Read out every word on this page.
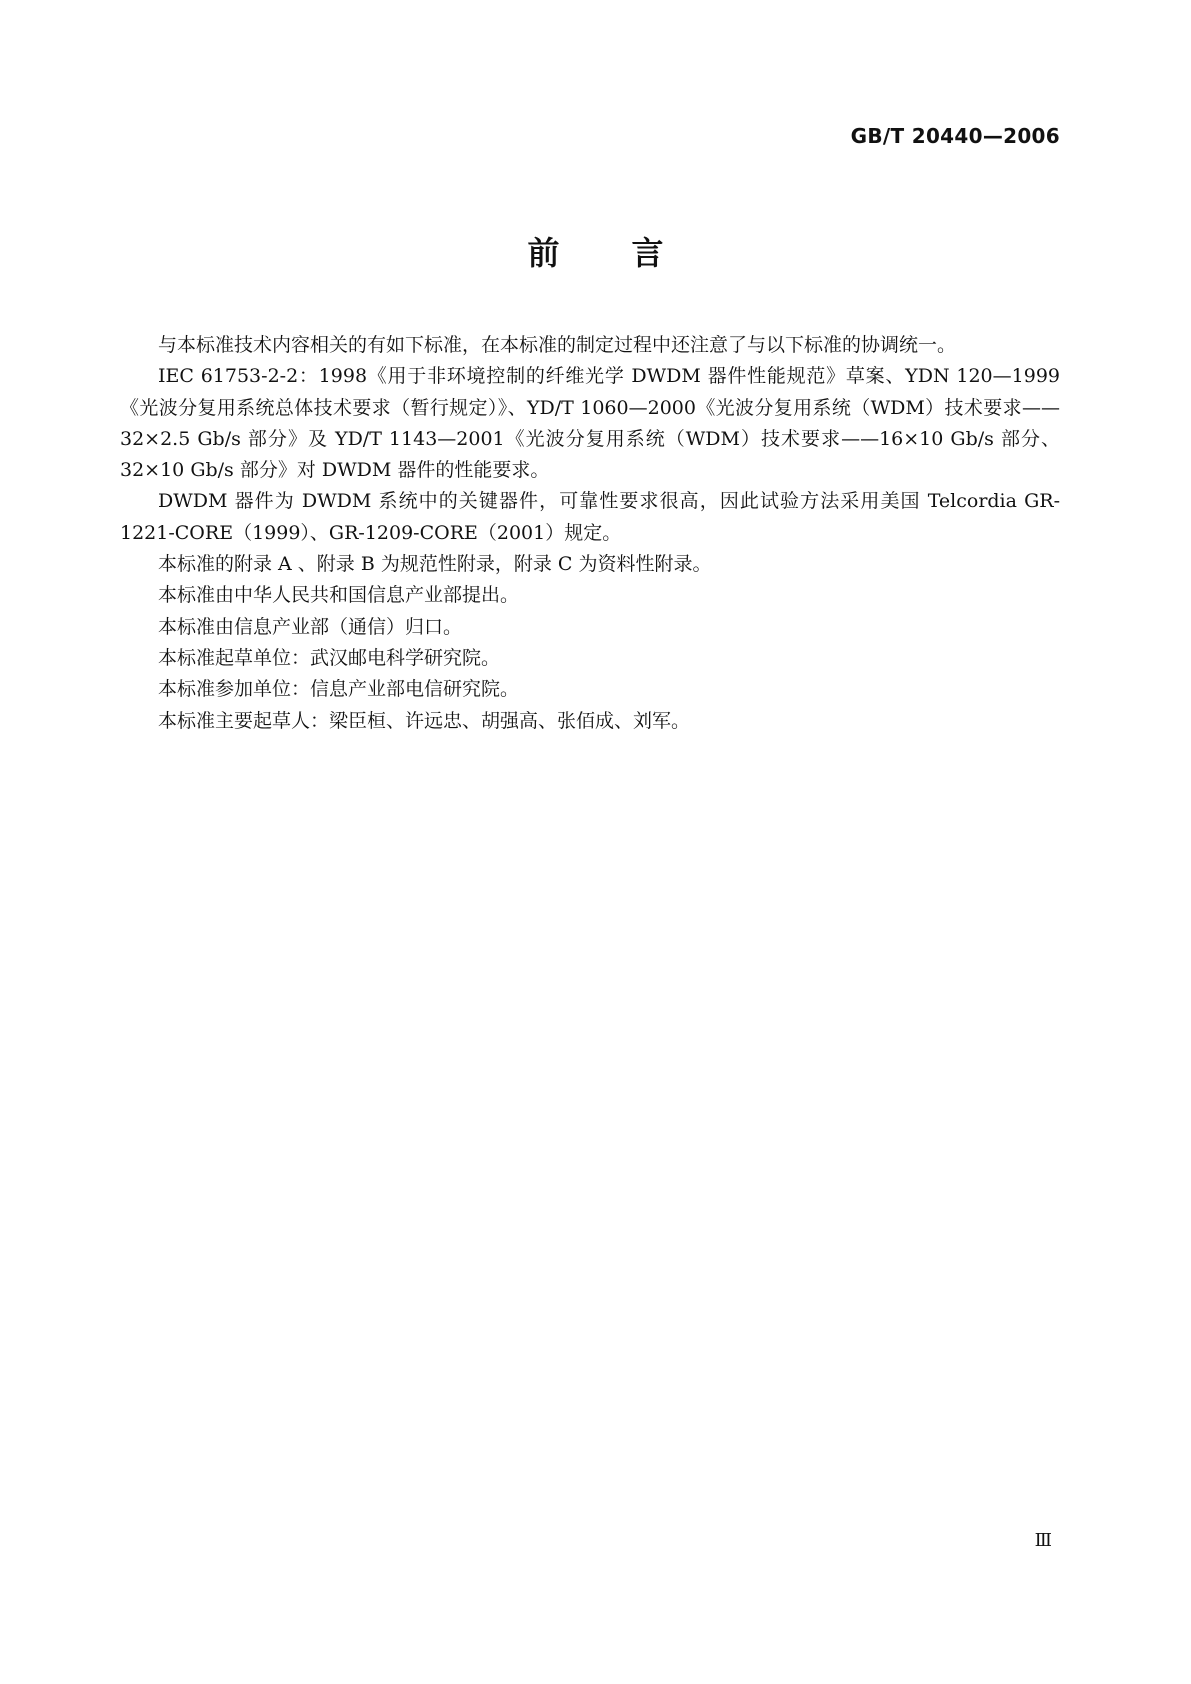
GB/T 20440—2006
前 言

与本标准技术内容相关的有如下标准，在本标准的制定过程中还注意了与以下标准的协调统一。

IEC 61753-2-2：1998《用于非环境控制的纤维光学 DWDM 器件性能规范》草案、YDN 120—1999《光波分复用系统总体技术要求（暂行规定）》、YD/T 1060—2000《光波分复用系统（WDM）技术要求——32×2.5 Gb/s 部分》及 YD/T 1143—2001《光波分复用系统（WDM）技术要求——16×10 Gb/s 部分、32×10 Gb/s 部分》对 DWDM 器件的性能要求。

DWDM 器件为 DWDM 系统中的关键器件，可靠性要求很高，因此试验方法采用美国 Telcordia GR-1221-CORE（1999）、GR-1209-CORE（2001）规定。

本标准的附录 A 、附录 B 为规范性附录，附录 C 为资料性附录。

本标准由中华人民共和国信息产业部提出。

本标准由信息产业部（通信）归口。

本标准起草单位：武汉邮电科学研究院。

本标准参加单位：信息产业部电信研究院。

本标准主要起草人：梁臣桓、许远忠、胡强高、张佰成、刘军。

Ⅲ
